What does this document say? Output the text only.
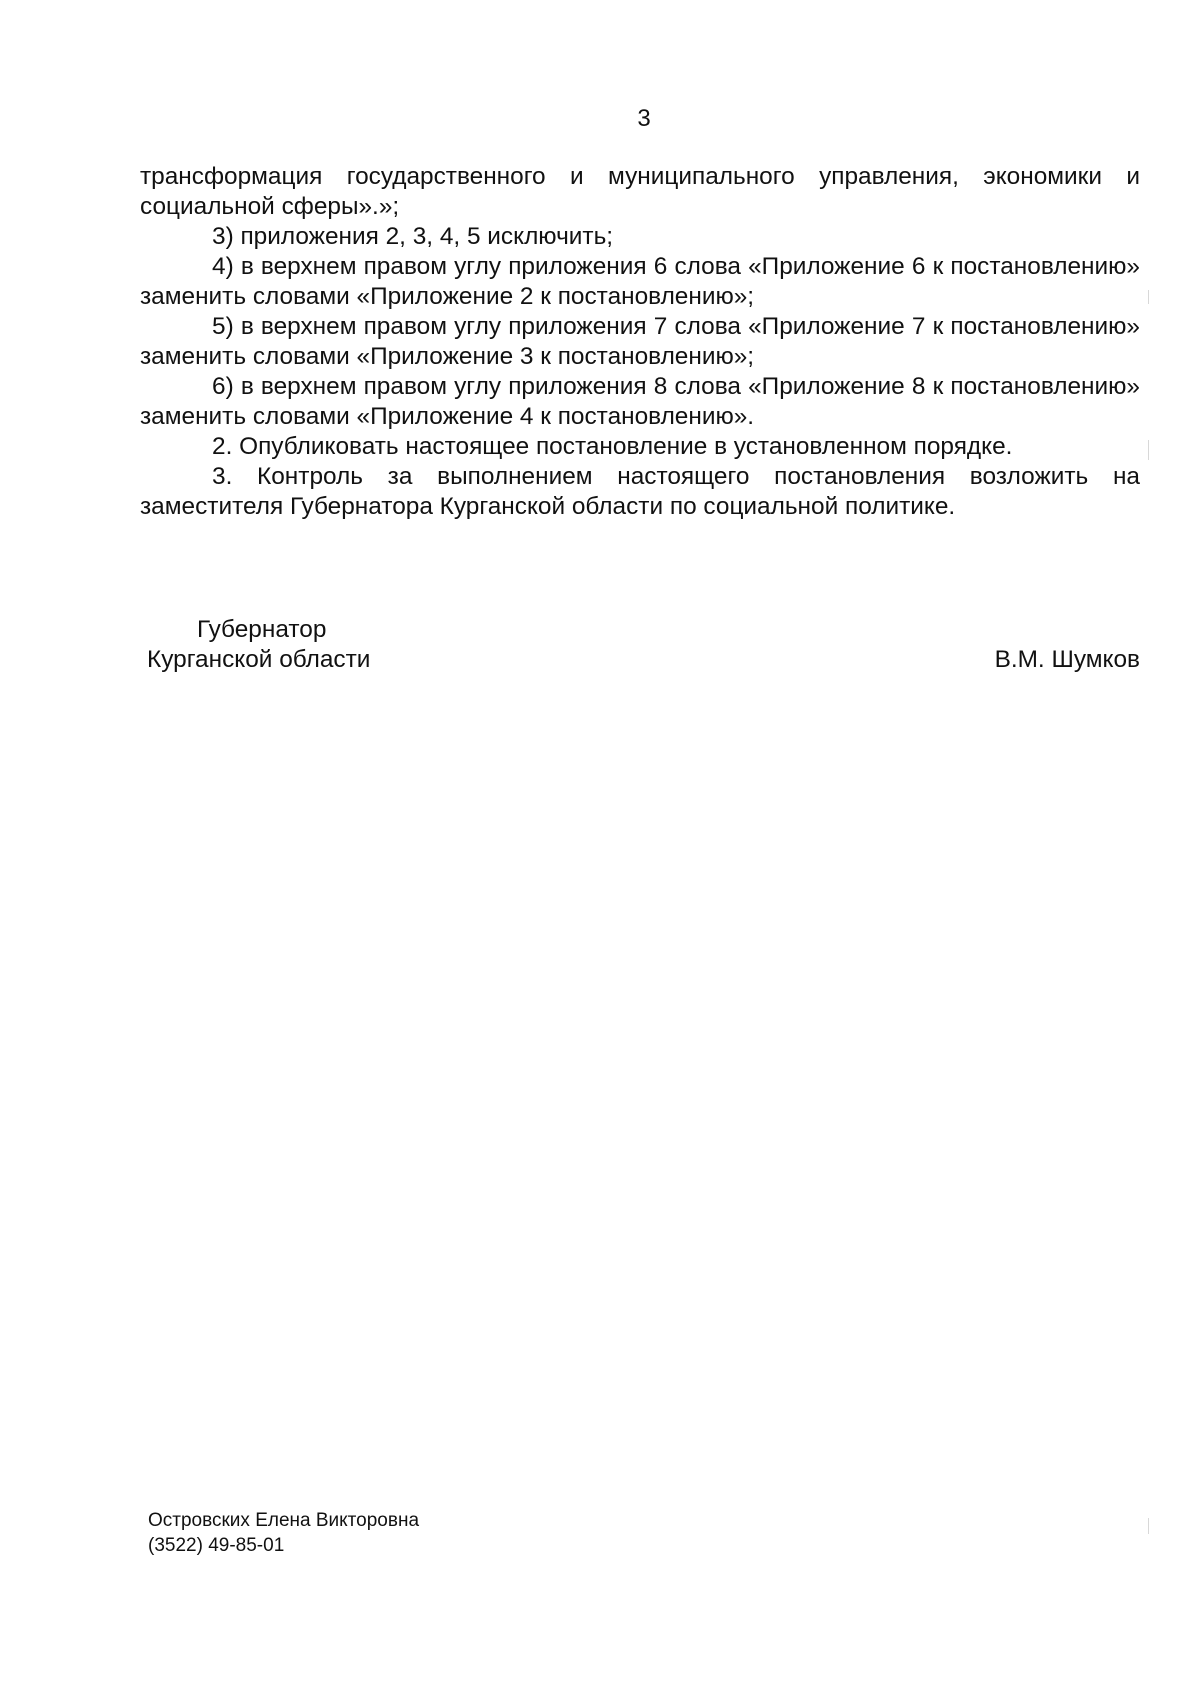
3

трансформация государственного и муниципального управления, экономики и социальной сферы».»;

3) приложения 2, 3, 4, 5 исключить;

4) в верхнем правом углу приложения 6 слова «Приложение 6 к постановлению» заменить словами «Приложение 2 к постановлению»;

5) в верхнем правом углу приложения 7 слова «Приложение 7 к постановлению» заменить словами «Приложение 3 к постановлению»;

6) в верхнем правом углу приложения 8 слова «Приложение 8 к постановлению» заменить словами «Приложение 4 к постановлению».

2. Опубликовать настоящее постановление в установленном порядке.

3. Контроль за выполнением настоящего постановления возложить на заместителя Губернатора Курганской области по социальной политике.

Губернатор
Курганской области	В.М. Шумков
Островских Елена Викторовна
(3522) 49-85-01
